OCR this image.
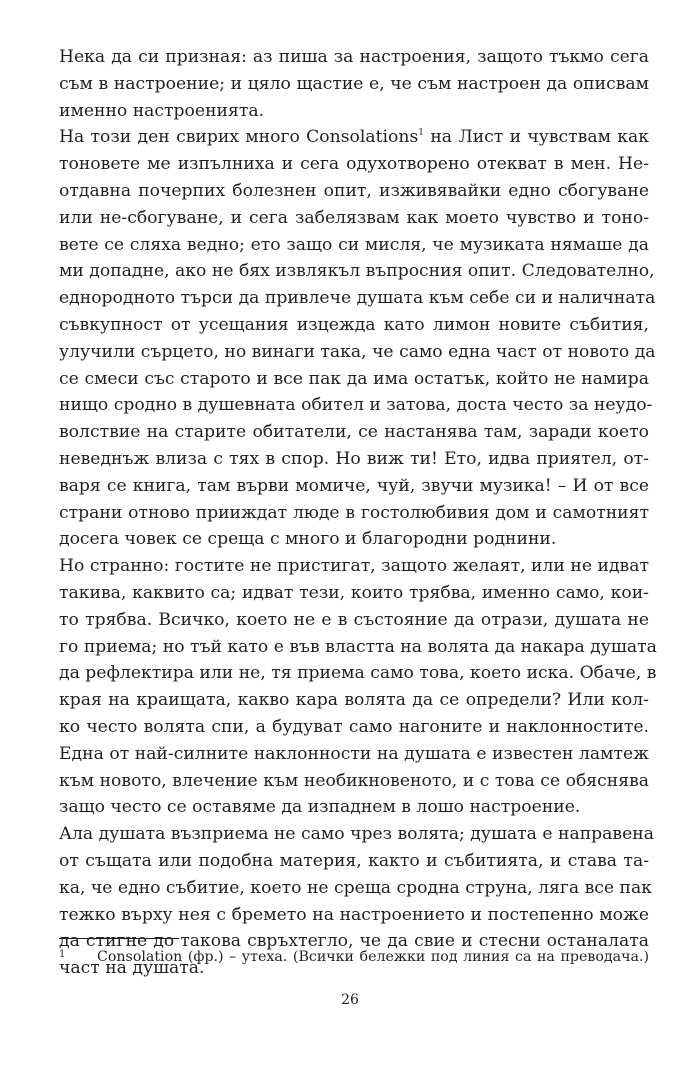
Нека да си призная: аз пиша за настроения, защото тъкмо сега
съм в настроение; и цяло щастие е, че съм настроен да описвам
именно настроенията.
На този ден свирих много Consolations$^1$ на Лист и чувствам как
тоновете ме изпълниха и сега одухотворено отекват в мен. Не-
отдавна почерпих болезнен опит, изживявайки едно сбогуване
или не-сбогуване, и сега забелязвам как моето чувство и тоно-
вете се сляха ведно; ето защо си мисля, че музиката нямаше да
ми допадне, ако не бях извлякъл въпросния опит. Следователно,
еднородното търси да привлече душата към себе си и наличната
съвкупност от усещания изцежда като лимон новите събития,
улучили сърцето, но винаги така, че само една част от новото да
се смеси със старото и все пак да има остатък, който не намира
нищо сродно в душевната обител и затова, доста често за неудо-
волствие на старите обитатели, се настанява там, заради което
неведнъж влиза с тях в спор. Но виж ти! Ето, идва приятел, от-
варя се книга, там върви момиче, чуй, звучи музика! – И от все
страни отново прииждат люде в гостолюбивия дом и самотният
досега човек се среща с много и благородни роднини.
Но странно: гостите не пристигат, защото желаят, или не идват
такива, каквито са; идват тези, които трябва, именно само, кои-
то трябва. Всичко, което не е в състояние да отрази, душата не
го приема; но тъй като е във властта на волята да накара душата
да рефлектира или не, тя приема само това, което иска. Обаче, в
края на краищата, какво кара волята да се определи? Или кол-
ко често волята спи, а будуват само нагоните и наклонностите.
Една от най-силните наклонности на душата е известен ламтеж
към новото, влечение към необикновеното, и с това се обяснява
защо често се оставяме да изпаднем в лошо настроение.
Ала душата възприема не само чрез волята; душата е направена
от същата или подобна материя, както и събитията, и става та-
ка, че едно събитие, което не среща сродна струна, ляга все пак
тежко върху нея с бремето на настроението и постепенно може
да стигне до такова свръхтегло, че да свие и стесни останалата
част на душата.
1 Consolation (фр.) – утеха. (Всички бележки под линия са на преводача.)
26
